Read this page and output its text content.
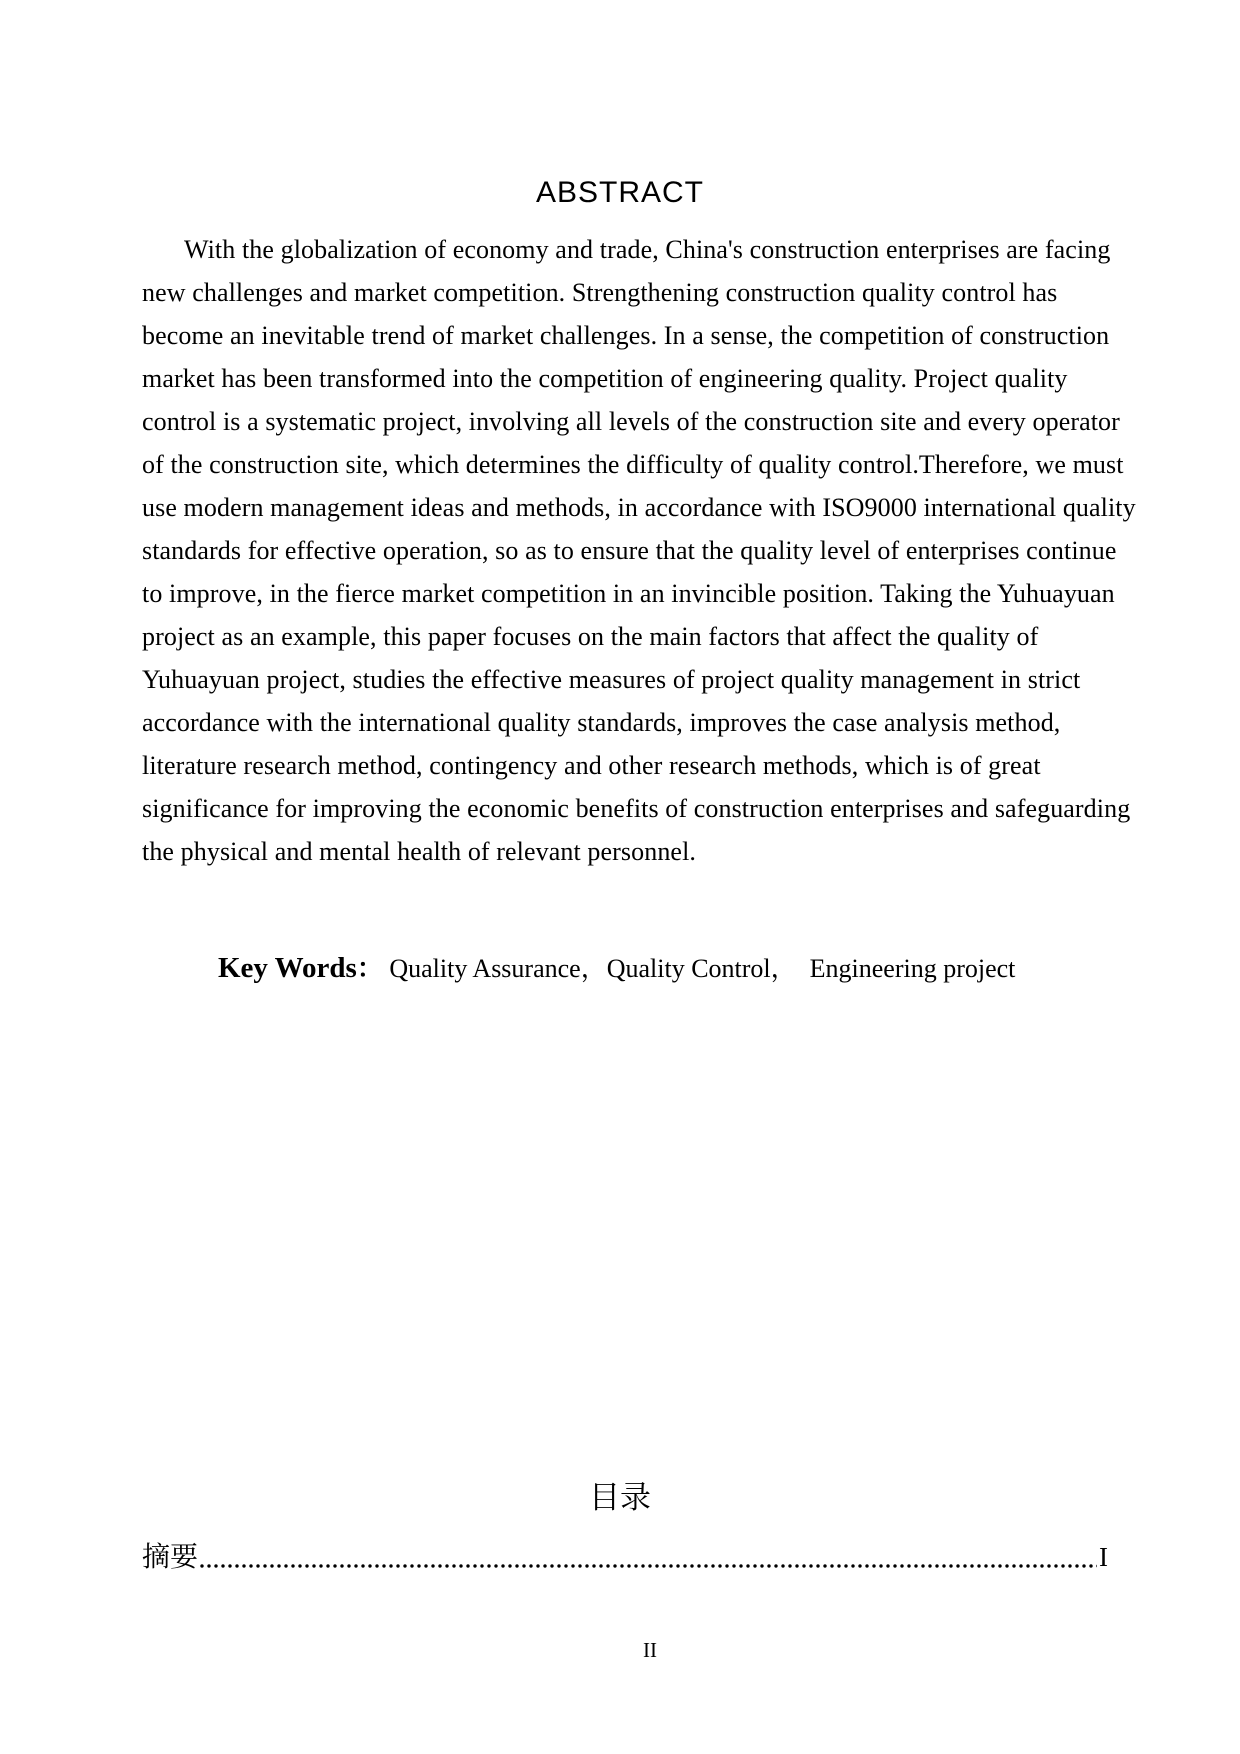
ABSTRACT
With the globalization of economy and trade, China's construction enterprises are facing
new challenges and market competition. Strengthening construction quality control has
become an inevitable trend of market challenges. In a sense, the competition of construction
market has been transformed into the competition of engineering quality. Project quality
control is a systematic project, involving all levels of the construction site and every operator
of the construction site, which determines the difficulty of quality control.Therefore, we must
use modern management ideas and methods, in accordance with ISO9000 international quality
standards for effective operation, so as to ensure that the quality level of enterprises continue
to improve, in the fierce market competition in an invincible position. Taking the Yuhuayuan
project as an example, this paper focuses on the main factors that affect the quality of
Yuhuayuan project, studies the effective measures of project quality management in strict
accordance with the international quality standards, improves the case analysis method,
literature research method, contingency and other research methods, which is of great
significance for improving the economic benefits of construction enterprises and safeguarding
the physical and mental health of relevant personnel.

Key Words： Quality Assurance，Quality Control，  Engineering project

目录
摘要	I
II
